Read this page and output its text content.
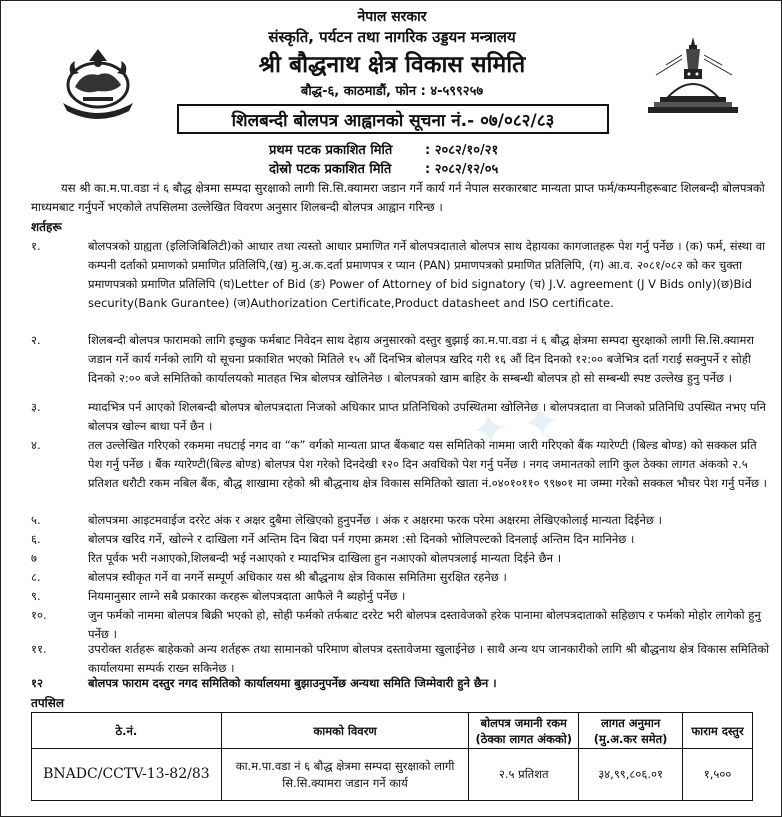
नेपाल सरकार
संस्कृति, पर्यटन तथा नागरिक उड्डयन मन्त्रालय
श्री बौद्धनाथ क्षेत्र विकास समिति
बौद्ध-६, काठमाडौं, फोन : ४-५९९२५७
शिलबन्दी बोलपत्र आह्वानको सूचना नं.- ०७/०८२/८३
प्रथम पटक प्रकाशित मिति	: २०८२/१०/२१
दोस्रो पटक प्रकाशित मिति	: २०८२/१२/०५
यस श्री का.म.पा.वडा नं ६ बौद्ध क्षेत्रमा सम्पदा सुरक्षाको लागी सि.सि.क्यामरा जडान गर्ने कार्य गर्न नेपाल सरकारबाट मान्यता प्राप्त फर्म/कम्पनीहरूबाट शिलबन्दी बोलपत्रको माध्यमबाट गर्नुपर्ने भएकोले तपसिलमा उल्लेखित विवरण अनुसार शिलबन्दी बोलपत्र आह्वान गरिन्छ ।
शर्तहरू
१.	बोलपत्रको ग्राह्यता (इलिजिबिलिटी)को आधार तथा त्यस्तो आधार प्रमाणित गर्ने बोलपत्रदाताले बोलपत्र साथ देहायका कागजातहरू पेश गर्नु पर्नेछ । (क) फर्म, संस्था वा कम्पनी दर्ताको प्रमाणको प्रमाणित प्रतिलिपि,(ख) मु.अ.क.दर्ता प्रमाणपत्र र प्यान (PAN) प्रमाणपत्रको प्रमाणित प्रतिलिपि, (ग) आ.व. २०८१/०८२ को कर चुक्ता प्रमाणपत्रको प्रमाणित प्रतिलिपि (घ)Letter of Bid (ङ) Power of Attorney of bid signatory (च) J.V. agreement (J V Bids only)(छ)Bid security(Bank Gurantee) (ज)Authorization Certificate,Product datasheet and ISO certificate.
२.	शिलबन्दी बोलपत्र फारामको लागि इच्छुक फर्मबाट निवेदन साथ देहाय अनुसारको दस्तुर बुझाई का.म.पा.वडा नं ६ बौद्ध क्षेत्रमा सम्पदा सुरक्षाको लागी सि.सि.क्यामरा जडान गर्ने कार्य गर्नको लागि यो सूचना प्रकाशित भएको मितिले १५ औं दिनभित्र बोलपत्र खरिद गरी १६ औं दिन दिनको १२:०० बजेभित्र दर्ता गराई सक्नुपर्ने र सोही दिनको २:०० बजे समितिको कार्यालयको मातहत भित्र बोलपत्र खोलिनेछ । बोलपत्रको खाम बाहिर के सम्बन्धी बोलपत्र हो सो सम्बन्धी स्पष्ट उल्लेख हुनु पर्नेछ ।
३.	म्यादभित्र पर्न आएको शिलबन्दी बोलपत्र बोलपत्रदाता निजको अधिकार प्राप्त प्रतिनिधिको उपस्थितमा खोलिनेछ । बोलपत्रदाता वा निजको प्रतिनिधि उपस्थित नभए पनि बोलपत्र खोल्न बाधा पर्ने छैन ।
४.	तल उल्लेखित गरिएको रकममा नघटाई नगद वा “क” वर्गको मान्यता प्राप्त बैंकबाट यस समितिको नाममा जारी गरिएको बैंक ग्यारेण्टी (बिल्ड बोण्ड) को सक्कल प्रति पेश गर्नु पर्नेछ । बैंक ग्यारेण्टी(बिल्ड बोण्ड) बोलपत्र पेश गरेको दिनदेखी १२० दिन अवधिको पेश गर्नु पर्नेछ । नगद जमानतको लागि कुल ठेक्का लागत अंकको २.५ प्रतिशत धरौटी रकम नबिल बैंक, बौद्ध शाखामा रहेको श्री बौद्धनाथ क्षेत्र विकास समितिको खाता नं.०४०१०११० ९९७०१ मा जम्मा गरेको सक्कल भौचर पेश गर्नु पर्नेछ ।
५.	बोलपत्रमा आइटमवाईज दररेट अंक र अक्षर दुबैमा लेखिएको हुनुपर्नेछ । अंक र अक्षरमा फरक परेमा अक्षरमा लेखिएकोलाई मान्यता दिईनेछ ।
६.	बोलपत्र खरिद गर्ने, खोल्ने र दाखिला गर्ने अन्तिम दिन बिदा पर्न गएमा क्रमश :सो दिनको भोलिपल्टको दिनलाई अन्तिम दिन मानिनेछ ।
७	रित पूर्वक भरी नआएको,शिलबन्दी भई नआएको र म्यादभित्र दाखिला हुन नआएको बोलपत्रलाई मान्यता दिईने छैन ।
८.	बोलपत्र स्वीकृत गर्ने वा नगर्ने सम्पूर्ण अधिकार यस श्री बौद्धनाथ क्षेत्र विकास समितिमा सुरक्षित रहनेछ ।
९.	नियमानुसार लाग्ने सबै प्रकारका करहरू बोलपत्रदाता आफैले नै ब्यहोर्नु पर्नेछ ।
१०.	जुन फर्मको नाममा बोलपत्र बिक्री भएको हो, सोही फर्मको तर्फबाट दररेट भरी बोलपत्र दस्तावेजको हरेक पानामा बोलपत्रदाताको सहिछाप र फर्मको मोहोर लागेको हुनु पर्नेछ ।
११.	उपरोक्त शर्तहरू बाहेकको अन्य शर्तहरू तथा सामानको परिमाण बोलपत्र दस्तावेजमा खुलाईनेछ । साथै अन्य थप जानकारीको लागि श्री बौद्धनाथ क्षेत्र विकास समितिको कार्यालयमा सम्पर्क राख्न सकिनेछ ।
१२	बोलपत्र फाराम दस्तुर नगद समितिको कार्यालयमा बुझाउनुपर्नेछ अन्यथा समिति जिम्मेवारी हुने छैन ।
✦ ✦
तपसिल
ठे.नं.	कामको विवरण	बोलपत्र जमानी रकम (ठेक्का लागत अंकको)	लागत अनुमान (मु.अ.कर समेत)	फाराम दस्तुर
BNADC/CCTV-13-82/83	का.म.पा.वडा नं ६ बौद्ध क्षेत्रमा सम्पदा सुरक्षाको लागी सि.सि.क्यामरा जडान गर्ने कार्य	२.५ प्रतिशत	३४,९९,८०६.०१	१,५००
